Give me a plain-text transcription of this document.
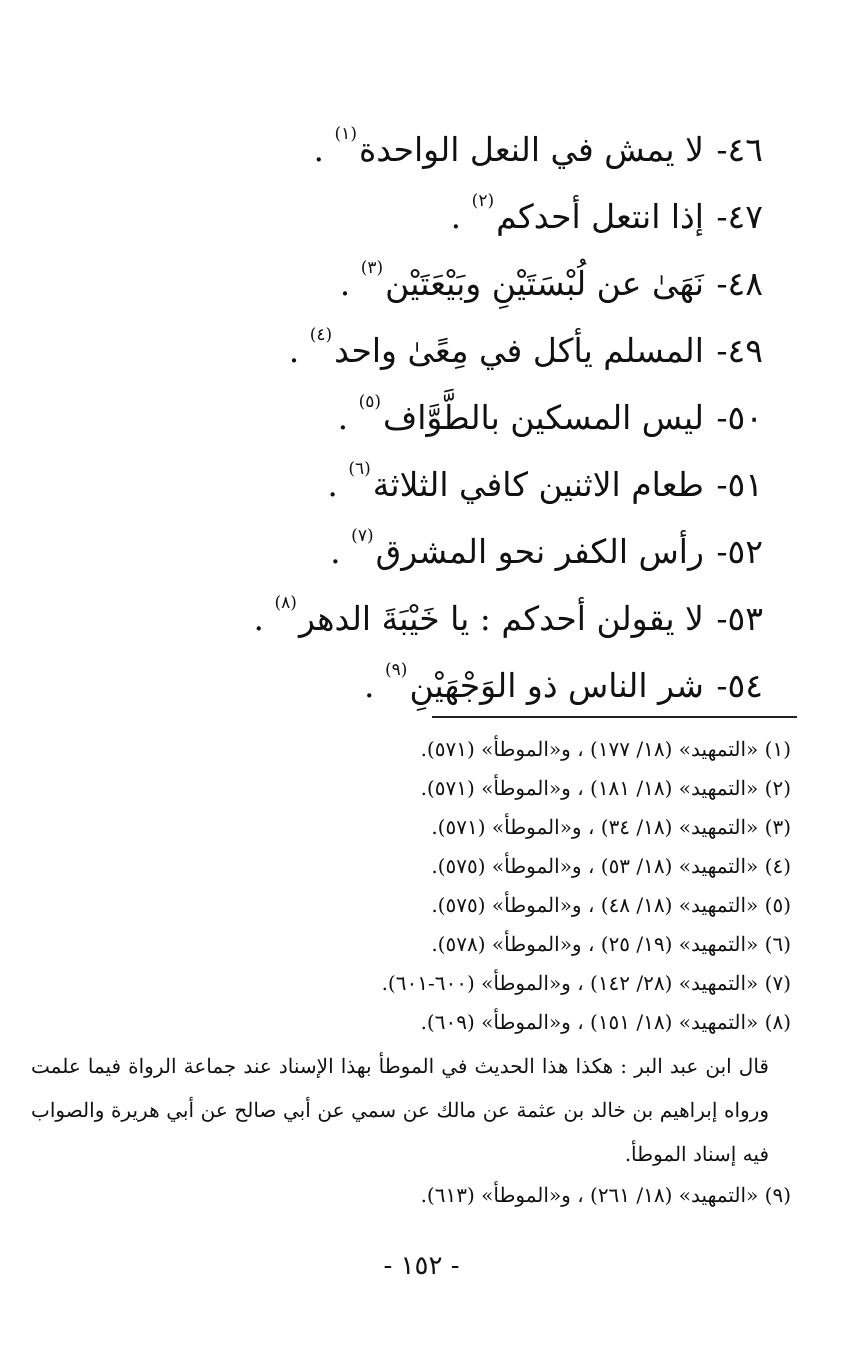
٤٦- لا يمش في النعل الواحدة$^{(١)}$ .
٤٧- إذا انتعل أحدكم$^{(٢)}$ .
٤٨- نَهَىٰ عن لُبْسَتَيْنِ وبَيْعَتَيْن$^{(٣)}$ .
٤٩- المسلم يأكل في مِعًىٰ واحد$^{(٤)}$ .
٥٠- ليس المسكين بالطَّوَّاف$^{(٥)}$ .
٥١- طعام الاثنين كافي الثلاثة$^{(٦)}$ .
٥٢- رأس الكفر نحو المشرق$^{(٧)}$ .
٥٣- لا يقولن أحدكم : يا خَيْبَةَ الدهر$^{(٨)}$ .
٥٤- شر الناس ذو الوَجْهَيْنِ$^{(٩)}$ .
(١) «التمهيد» (١٨/ ١٧٧) ، و«الموطأ» (٥٧١).
(٢) «التمهيد» (١٨/ ١٨١) ، و«الموطأ» (٥٧١).
(٣) «التمهيد» (١٨/ ٣٤) ، و«الموطأ» (٥٧١).
(٤) «التمهيد» (١٨/ ٥٣) ، و«الموطأ» (٥٧٥).
(٥) «التمهيد» (١٨/ ٤٨) ، و«الموطأ» (٥٧٥).
(٦) «التمهيد» (١٩/ ٢٥) ، و«الموطأ» (٥٧٨).
(٧) «التمهيد» (٢٨/ ١٤٢) ، و«الموطأ» (٦٠٠-٦٠١).
(٨) «التمهيد» (١٨/ ١٥١) ، و«الموطأ» (٦٠٩).
قال ابن عبد البر : هكذا هذا الحديث في الموطأ بهذا الإسناد عند جماعة الرواة فيما علمت ورواه إبراهيم بن خالد بن عثمة عن مالك عن سمي عن أبي صالح عن أبي هريرة والصواب فيه إسناد الموطأ.
(٩) «التمهيد» (١٨/ ٢٦١) ، و«الموطأ» (٦١٣).
- ١٥٢ -
